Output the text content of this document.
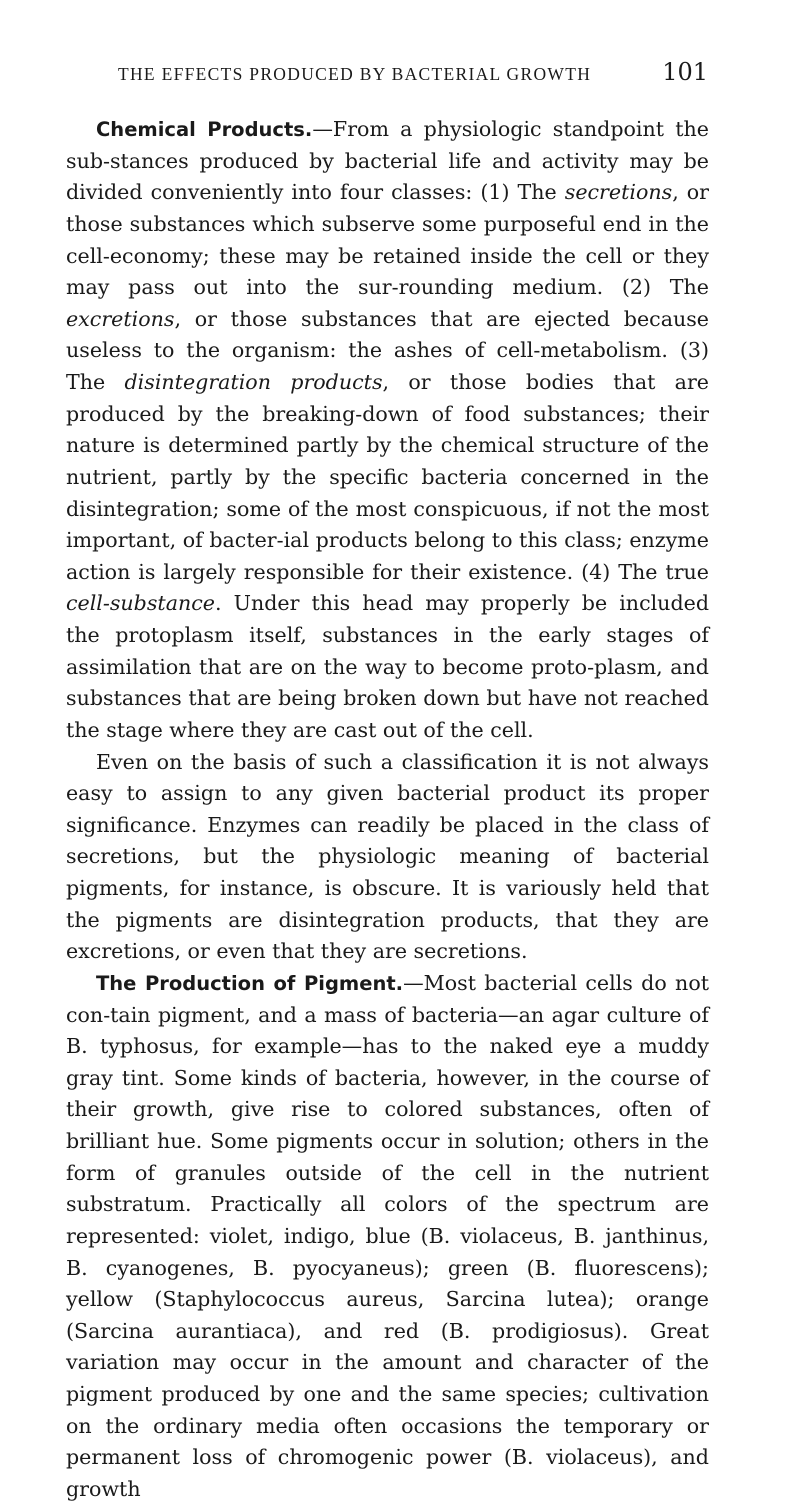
THE EFFECTS PRODUCED BY BACTERIAL GROWTH	101

Chemical Products.—From a physiologic standpoint the sub-stances produced by bacterial life and activity may be divided conveniently into four classes: (1) The secretions, or those substances which subserve some purposeful end in the cell-economy; these may be retained inside the cell or they may pass out into the sur-rounding medium. (2) The excretions, or those substances that are ejected because useless to the organism: the ashes of cell-metabolism. (3) The disintegration products, or those bodies that are produced by the breaking-down of food substances; their nature is determined partly by the chemical structure of the nutrient, partly by the specific bacteria concerned in the disintegration; some of the most conspicuous, if not the most important, of bacter-ial products belong to this class; enzyme action is largely responsible for their existence. (4) The true cell-substance. Under this head may properly be included the protoplasm itself, substances in the early stages of assimilation that are on the way to become proto-plasm, and substances that are being broken down but have not reached the stage where they are cast out of the cell.

Even on the basis of such a classification it is not always easy to assign to any given bacterial product its proper significance. Enzymes can readily be placed in the class of secretions, but the physiologic meaning of bacterial pigments, for instance, is obscure. It is variously held that the pigments are disintegration products, that they are excretions, or even that they are secretions.

The Production of Pigment.—Most bacterial cells do not con-tain pigment, and a mass of bacteria—an agar culture of B. typhosus, for example—has to the naked eye a muddy gray tint. Some kinds of bacteria, however, in the course of their growth, give rise to colored substances, often of brilliant hue. Some pigments occur in solution; others in the form of granules outside of the cell in the nutrient substratum. Practically all colors of the spectrum are represented: violet, indigo, blue (B. violaceus, B. janthinus, B. cyanogenes, B. pyocyaneus); green (B. fluorescens); yellow (Staphylococcus aureus, Sarcina lutea); orange (Sarcina aurantiaca), and red (B. prodigiosus). Great variation may occur in the amount and character of the pigment produced by one and the same species; cultivation on the ordinary media often occasions the temporary or permanent loss of chromogenic power (B. violaceus), and growth
